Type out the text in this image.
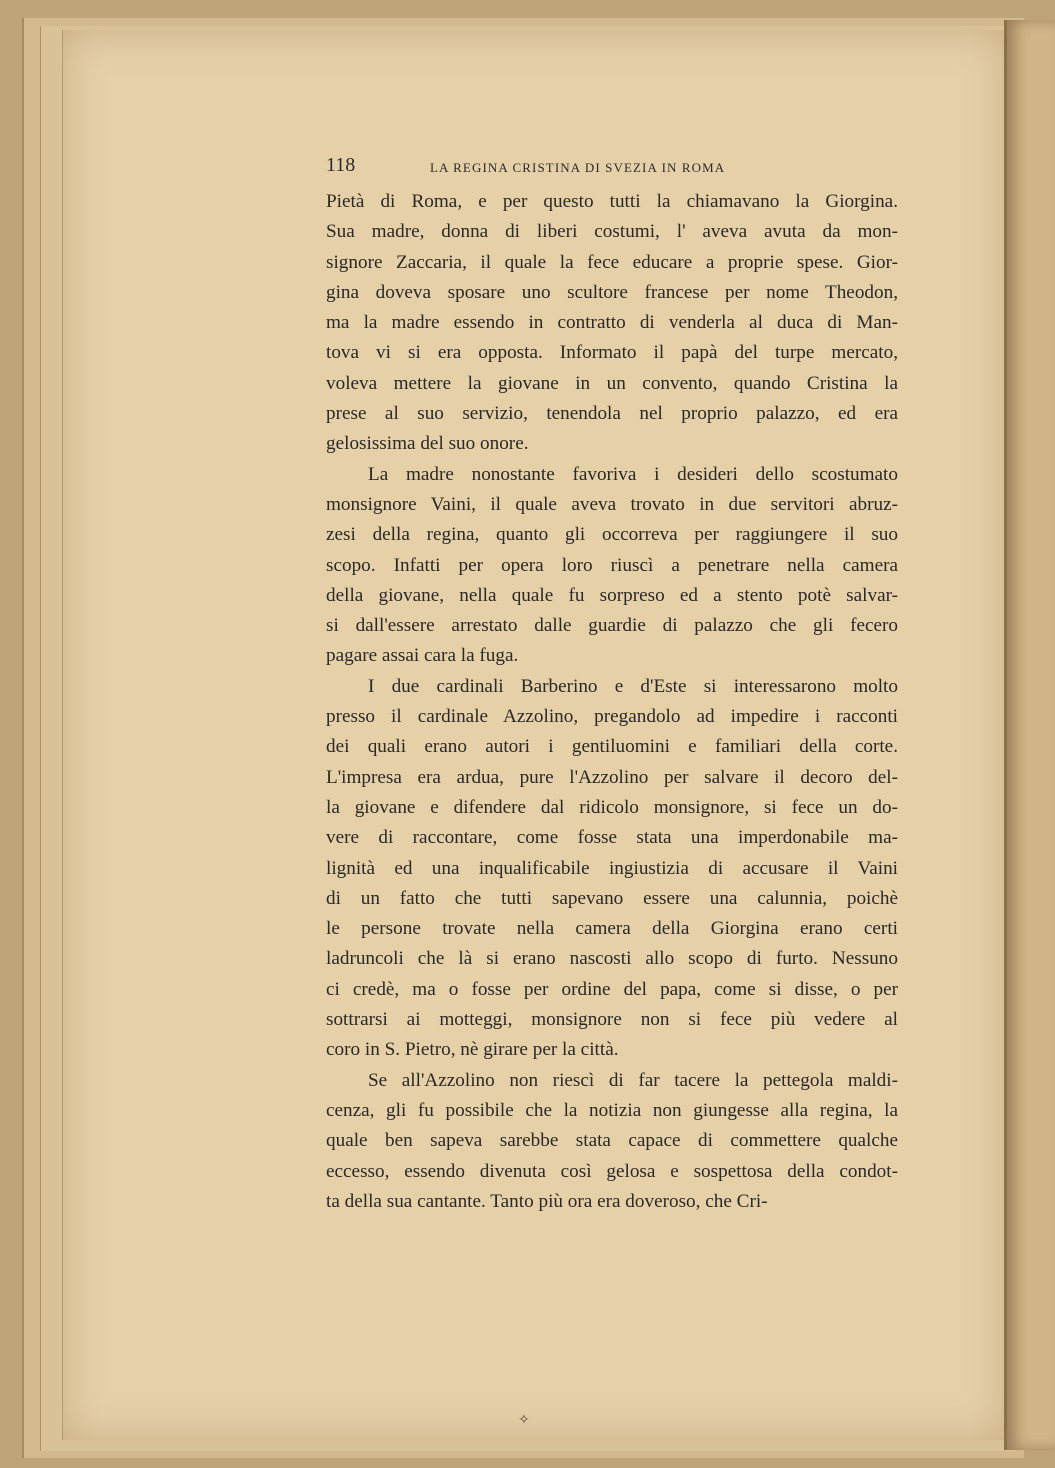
118	LA REGINA CRISTINA DI SVEZIA IN ROMA
Pietà di Roma, e per questo tutti la chiamavano la Giorgina.
Sua madre, donna di liberi costumi, l' aveva avuta da mon-
signore Zaccaria, il quale la fece educare a proprie spese. Gior-
gina doveva sposare uno scultore francese per nome Theodon,
ma la madre essendo in contratto di venderla al duca di Man-
tova vi si era opposta. Informato il papà del turpe mercato,
voleva mettere la giovane in un convento, quando Cristina la
prese al suo servizio, tenendola nel proprio palazzo, ed era
gelosissima del suo onore.
La madre nonostante favoriva i desideri dello scostumato
monsignore Vaini, il quale aveva trovato in due servitori abruz-
zesi della regina, quanto gli occorreva per raggiungere il suo
scopo. Infatti per opera loro riuscì a penetrare nella camera
della giovane, nella quale fu sorpreso ed a stento potè salvar-
si dall'essere arrestato dalle guardie di palazzo che gli fecero
pagare assai cara la fuga.
I due cardinali Barberino e d'Este si interessarono molto
presso il cardinale Azzolino, pregandolo ad impedire i racconti
dei quali erano autori i gentiluomini e familiari della corte.
L'impresa era ardua, pure l'Azzolino per salvare il decoro del-
la giovane e difendere dal ridicolo monsignore, si fece un do-
vere di raccontare, come fosse stata una imperdonabile ma-
lignità ed una inqualificabile ingiustizia di accusare il Vaini
di un fatto che tutti sapevano essere una calunnia, poichè
le persone trovate nella camera della Giorgina erano certi
ladruncoli che là si erano nascosti allo scopo di furto. Nessuno
ci credè, ma o fosse per ordine del papa, come si disse, o per
sottrarsi ai motteggi, monsignore non si fece più vedere al
coro in S. Pietro, nè girare per la città.
Se all'Azzolino non riescì di far tacere la pettegola maldi-
cenza, gli fu possibile che la notizia non giungesse alla regina, la
quale ben sapeva sarebbe stata capace di commettere qualche
eccesso, essendo divenuta così gelosa e sospettosa della condot-
ta della sua cantante. Tanto più ora era doveroso, che Cri-
✧
